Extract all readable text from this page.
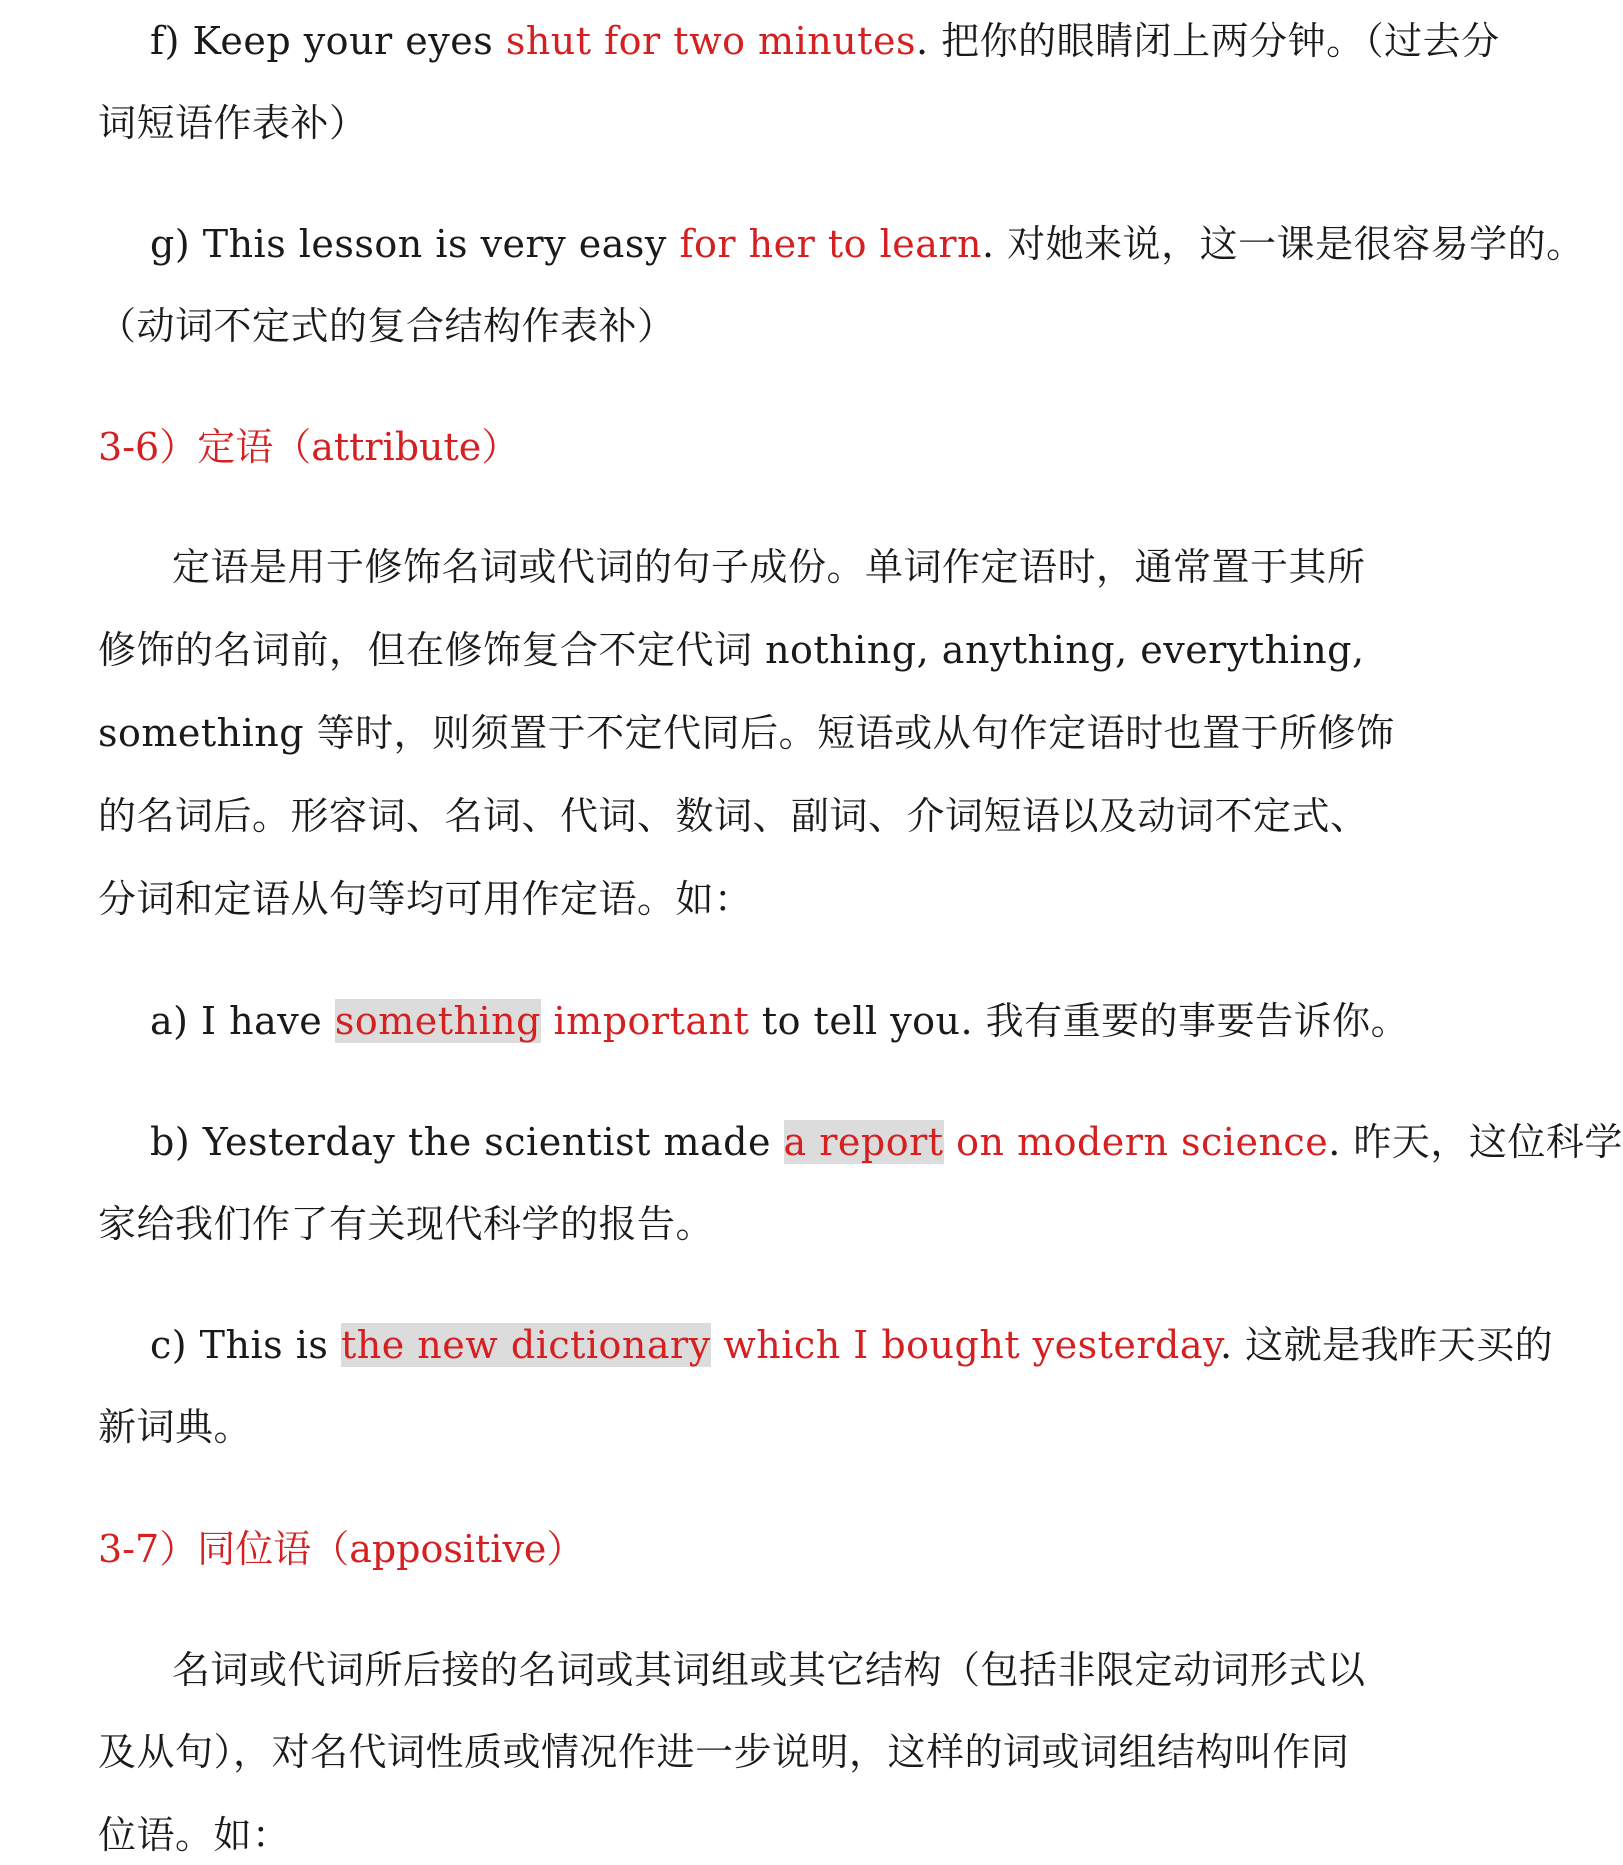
f) Keep your eyes shut for two minutes. 把你的眼睛闭上两分钟。（过去分
词短语作表补）
g) This lesson is very easy for her to learn. 对她来说，这一课是很容易学的。
（动词不定式的复合结构作表补）
3-6）定语（attribute）
定语是用于修饰名词或代词的句子成份。单词作定语时，通常置于其所
修饰的名词前，但在修饰复合不定代词 nothing, anything, everything,
something 等时，则须置于不定代同后。短语或从句作定语时也置于所修饰
的名词后。形容词、名词、代词、数词、副词、介词短语以及动词不定式、
分词和定语从句等均可用作定语。如：
a) I have something important to tell you. 我有重要的事要告诉你。
b) Yesterday the scientist made a report on modern science. 昨天，这位科学
家给我们作了有关现代科学的报告。
c) This is the new dictionary which I bought yesterday. 这就是我昨天买的
新词典。
3-7）同位语（appositive）
名词或代词所后接的名词或其词组或其它结构（包括非限定动词形式以
及从句），对名代词性质或情况作进一步说明，这样的词或词组结构叫作同
位语。如：
